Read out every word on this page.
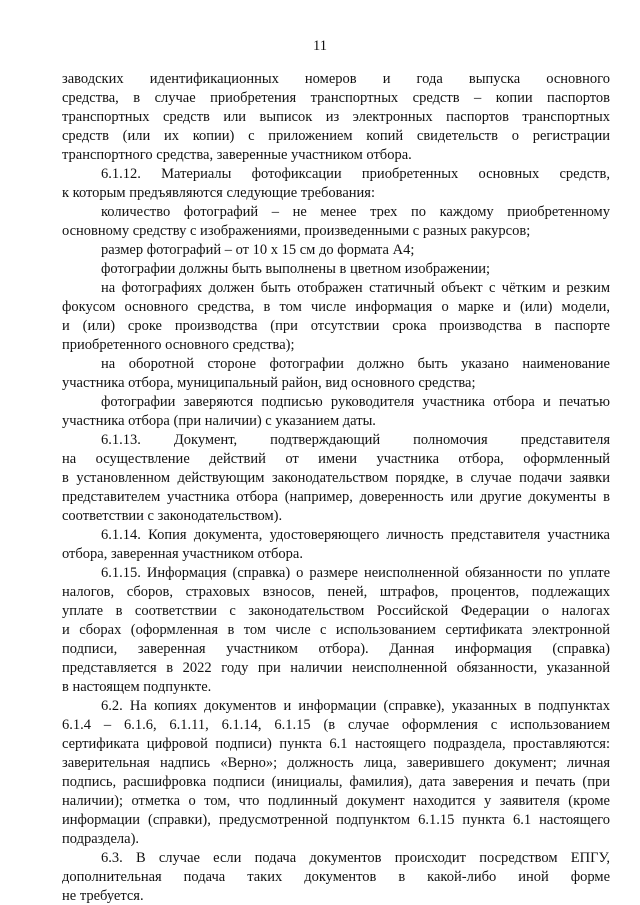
11
заводских идентификационных номеров и года выпуска основного
средства, в случае приобретения транспортных средств – копии паспортов
транспортных средств или выписок из электронных паспортов транспортных
средств (или их копии) с приложением копий свидетельств о регистрации
транспортного средства, заверенные участником отбора.
6.1.12. Материалы фотофиксации приобретенных основных средств,
к которым предъявляются следующие требования:
количество фотографий – не менее трех по каждому приобретенному
основному средству с изображениями, произведенными с разных ракурсов;
размер фотографий – от 10 x 15 см до формата А4;
фотографии должны быть выполнены в цветном изображении;
на фотографиях должен быть отображен статичный объект с чётким и резким
фокусом основного средства, в том числе информация о марке и (или) модели,
и (или) сроке производства (при отсутствии срока производства в паспорте
приобретенного основного средства);
на оборотной стороне фотографии должно быть указано наименование
участника отбора, муниципальный район, вид основного средства;
фотографии заверяются подписью руководителя участника отбора и печатью
участника отбора (при наличии) с указанием даты.
6.1.13. Документ, подтверждающий полномочия представителя
на осуществление действий от имени участника отбора, оформленный
в установленном действующим законодательством порядке, в случае подачи заявки
представителем участника отбора (например, доверенность или другие документы в
соответствии с законодательством).
6.1.14. Копия документа, удостоверяющего личность представителя участника
отбора, заверенная участником отбора.
6.1.15. Информация (справка) о размере неисполненной обязанности по уплате
налогов, сборов, страховых взносов, пеней, штрафов, процентов, подлежащих
уплате в соответствии с законодательством Российской Федерации о налогах
и сборах (оформленная в том числе с использованием сертификата электронной
подписи, заверенная участником отбора). Данная информация (справка)
представляется в 2022 году при наличии неисполненной обязанности, указанной
в настоящем подпункте.
6.2. На копиях документов и информации (справке), указанных в подпунктах
6.1.4 – 6.1.6, 6.1.11, 6.1.14, 6.1.15 (в случае оформления с использованием
сертификата цифровой подписи) пункта 6.1 настоящего подраздела, проставляются:
заверительная надпись «Верно»; должность лица, заверившего документ; личная
подпись, расшифровка подписи (инициалы, фамилия), дата заверения и печать (при
наличии); отметка о том, что подлинный документ находится у заявителя (кроме
информации (справки), предусмотренной подпунктом 6.1.15 пункта 6.1 настоящего
подраздела).
6.3. В случае если подача документов происходит посредством ЕПГУ,
дополнительная подача таких документов в какой-либо иной форме
не требуется.
